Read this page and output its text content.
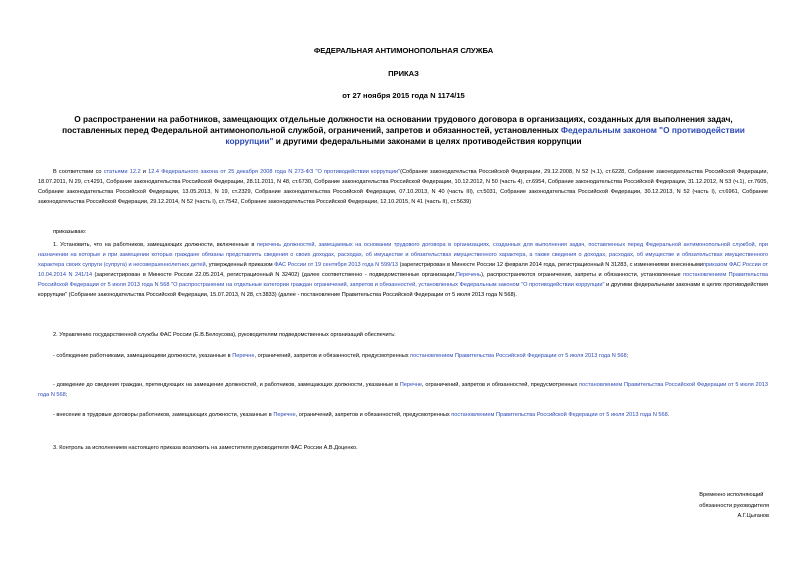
ФЕДЕРАЛЬНАЯ АНТИМОНОПОЛЬНАЯ СЛУЖБА
ПРИКАЗ
от 27 ноября 2015 года N 1174/15
О распространении на работников, замещающих отдельные должности на основании трудового договора в организациях, созданных для выполнения задач, поставленных перед Федеральной антимонопольной службой, ограничений, запретов и обязанностей, установленных Федеральным законом "О противодействии коррупции" и другими федеральными законами в целях противодействия коррупции
В соответствии со статьями 12.2 и 12.4 Федерального закона от 25 декабря 2008 года N 273-ФЗ "О противодействии коррупции"(Собрание законодательства Российской Федерации, 29.12.2008, N 52 (ч.1), ст.6228, Собрание законодательства Российской Федерации, 18.07.2011, N 29, ст.4291, Собрание законодательства Российской Федерации, 28.11.2011, N 48, ст.6730, Собрание законодательства Российской Федерации, 10.12.2012, N 50 (часть 4), ст.6954, Собрание законодательства Российской Федерации, 31.12.2012, N 53 (ч.1), ст.7605, Собрание законодательства Российской Федерации, 13.05.2013, N 19, ст.2329, Собрание законодательства Российской Федерации, 07.10.2013, N 40 (часть III), ст.5031, Собрание законодательства Российской Федерации, 30.12.2013, N 52 (часть I), ст.6961, Собрание законодательства Российской Федерации, 29.12.2014, N 52 (часть I), ст.7542, Собрание законодательства Российской Федерации, 12.10.2015, N 41 (часть II), ст.5639)
приказываю:
1. Установить, что на работников, замещающих должности, включенные в перечень должностей, замещаемых на основании трудового договора в организациях, созданных для выполнения задач, поставленных перед Федеральной антимонопольной службой, при назначении на которые и при замещении которых граждане обязаны представлять сведения о своих доходах, расходах, об имуществе и обязательствах имущественного характера, а также сведения о доходах, расходах, об имуществе и обязательствах имущественного характера своих супруги (супруга) и несовершеннолетних детей, утвержденный приказом ФАС России от 19 сентября 2013 года N 599/13 (зарегистрирован в Минюсте России 12 февраля 2014 года, регистрационный N 31283, с изменениями внесеннымиприказом ФАС России от 10.04.2014 N 241/14 (зарегистрирован в Минюсте России 22.05.2014, регистрационный N 32402) (далее соответственно - подведомственные организации,Перечень), распространяются ограничения, запреты и обязанности, установленные постановлением Правительства Российской Федерации от 5 июля 2013 года N 568 "О распространении на отдельные категории граждан ограничений, запретов и обязанностей, установленных Федеральным законом "О противодействии коррупции" и другими федеральными законами в целях противодействия коррупции" (Собрание законодательства Российской Федерации, 15.07.2013, N 28, ст.3833) (далее - постановление Правительства Российской Федерации от 5 июля 2013 года N 568).
2. Управлению государственной службы ФАС России (Е.В.Белоусова), руководителям подведомственных организаций обеспечить:
- соблюдение работниками, замещающими должности, указанные в Перечне, ограничений, запретов и обязанностей, предусмотренных постановлением Правительства Российской Федерации от 5 июля 2013 года N 568;
- доведение до сведения граждан, претендующих на замещение должностей, и работников, замещающих должности, указанные в Перечне, ограничений, запретов и обязанностей, предусмотренных постановлением Правительства Российской Федерации от 5 июля 2013 года N 568;
- внесение в трудовые договоры работников, замещающих должности, указанные в Перечне, ограничений, запретов и обязанностей, предусмотренных постановлением Правительства Российской Федерации от 5 июля 2013 года N 568.
3. Контроль за исполнением настоящего приказа возложить на заместителя руководителя ФАС России А.В.Доценко.
Временно исполняющий
обязанности руководителя
А.Г.Цыганов
